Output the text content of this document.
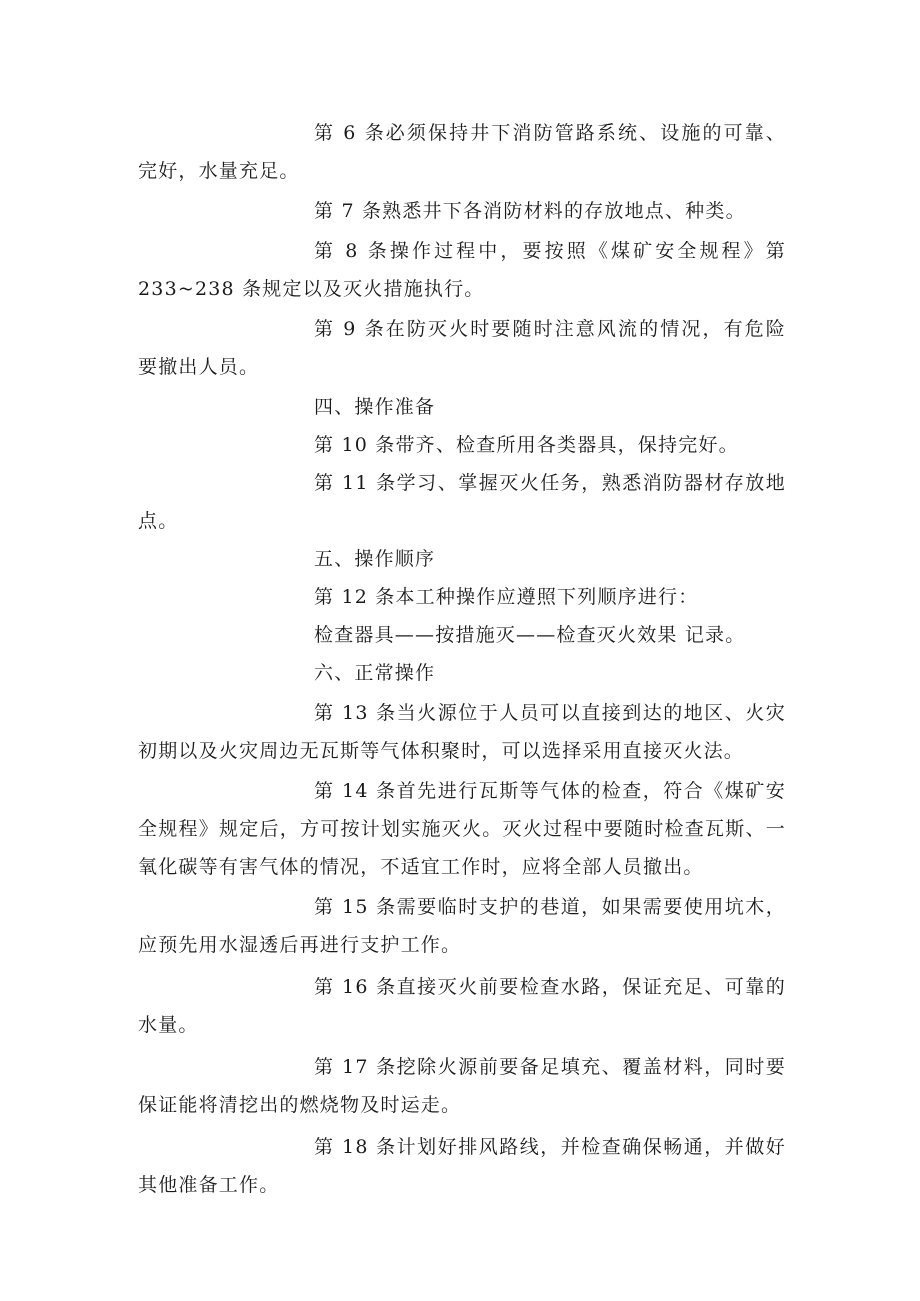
第 6 条必须保持井下消防管路系统、设施的可靠、完好，水量充足。

第 7 条熟悉井下各消防材料的存放地点、种类。

第 8 条操作过程中，要按照《煤矿安全规程》第233~238 条规定以及灭火措施执行。

第 9 条在防灭火时要随时注意风流的情况，有危险要撤出人员。

四、操作准备

第 10 条带齐、检查所用各类器具，保持完好。

第 11 条学习、掌握灭火任务，熟悉消防器材存放地点。

五、操作顺序

第 12 条本工种操作应遵照下列顺序进行：

检查器具——按措施灭——检查灭火效果 记录。

六、正常操作

第 13 条当火源位于人员可以直接到达的地区、火灾初期以及火灾周边无瓦斯等气体积聚时，可以选择采用直接灭火法。

第 14 条首先进行瓦斯等气体的检查，符合《煤矿安全规程》规定后，方可按计划实施灭火。灭火过程中要随时检查瓦斯、一氧化碳等有害气体的情况，不适宜工作时，应将全部人员撤出。

第 15 条需要临时支护的巷道，如果需要使用坑木，应预先用水湿透后再进行支护工作。

第 16 条直接灭火前要检查水路，保证充足、可靠的水量。

第 17 条挖除火源前要备足填充、覆盖材料，同时要保证能将清挖出的燃烧物及时运走。

第 18 条计划好排风路线，并检查确保畅通，并做好其他准备工作。
